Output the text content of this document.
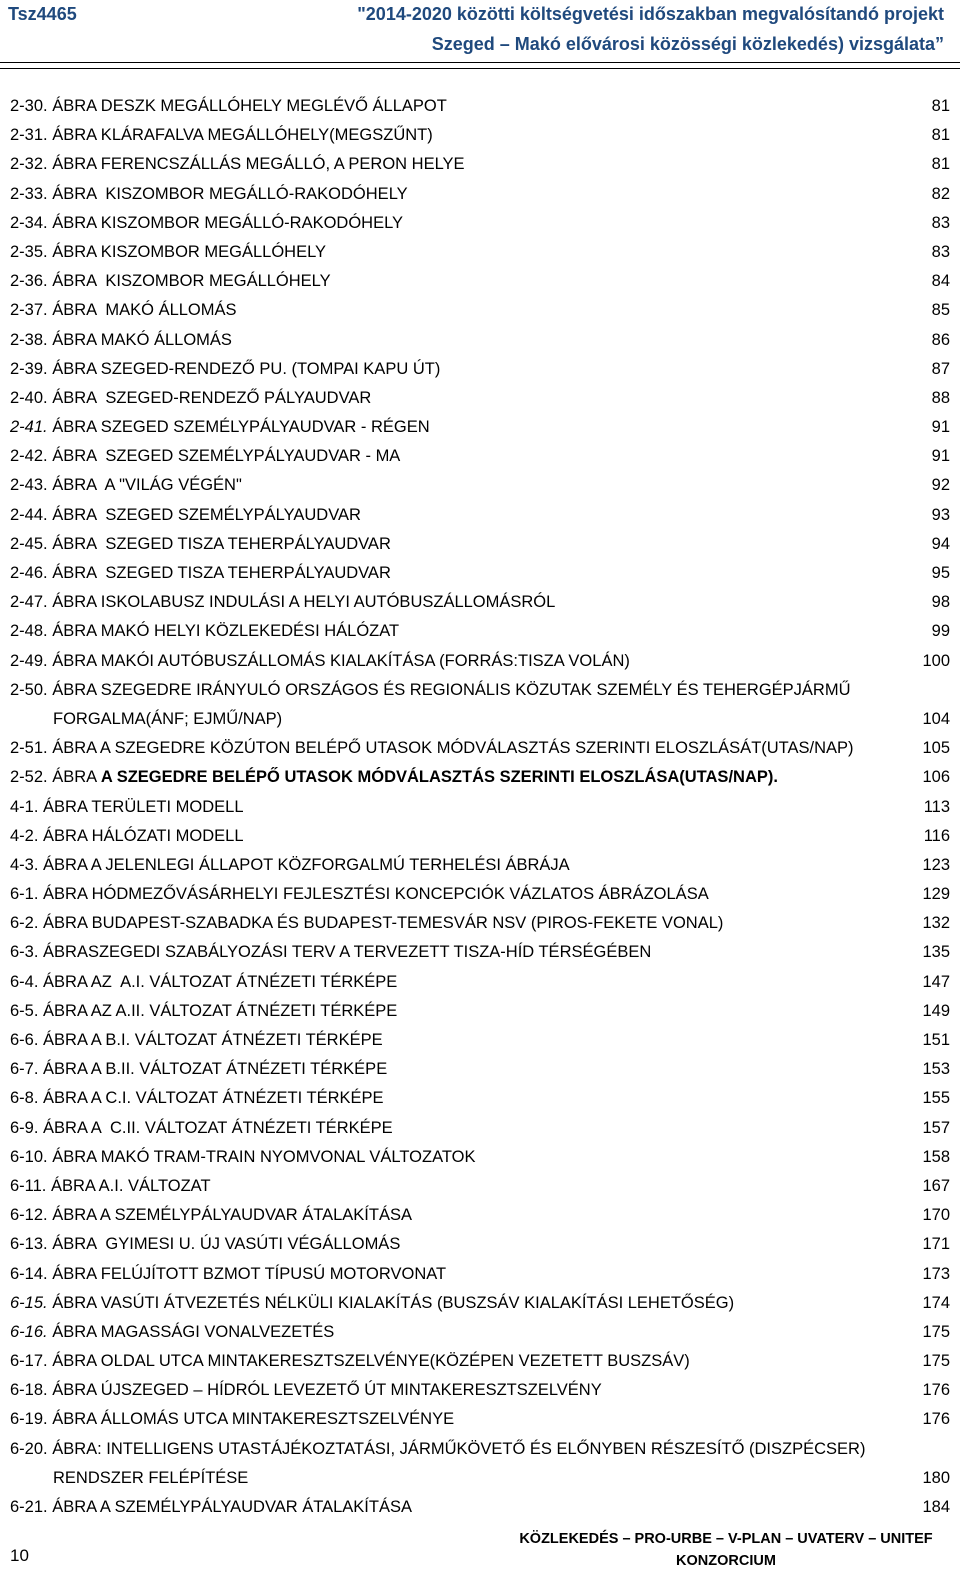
Tsz4465	"2014-2020 közötti költségvetési időszakban megvalósítandó projekt
Szeged – Makó elővárosi közösségi közlekedés) vizsgálata”
2-30. ÁBRA DESZK MEGÁLLÓHELY MEGLÉVŐ ÁLLAPOT	81
2-31. ÁBRA KLÁRAFALVA MEGÁLLÓHELY(MEGSZŰNT)	81
2-32. ÁBRA FERENCSZÁLLÁS MEGÁLLÓ, A PERON HELYE	81
2-33. ÁBRA  KISZOMBOR MEGÁLLÓ-RAKODÓHELY	82
2-34. ÁBRA KISZOMBOR MEGÁLLÓ-RAKODÓHELY	83
2-35. ÁBRA KISZOMBOR MEGÁLLÓHELY	83
2-36. ÁBRA  KISZOMBOR MEGÁLLÓHELY	84
2-37. ÁBRA  MAKÓ ÁLLOMÁS	85
2-38. ÁBRA MAKÓ ÁLLOMÁS	86
2-39. ÁBRA SZEGED-RENDEZŐ PU. (TOMPAI KAPU ÚT)	87
2-40. ÁBRA  SZEGED-RENDEZŐ PÁLYAUDVAR	88
2-41. ÁBRA SZEGED SZEMÉLYPÁLYAUDVAR - RÉGEN	91
2-42. ÁBRA  SZEGED SZEMÉLYPÁLYAUDVAR - MA	91
2-43. ÁBRA  A "VILÁG VÉGÉN"	92
2-44. ÁBRA  SZEGED SZEMÉLYPÁLYAUDVAR	93
2-45. ÁBRA  SZEGED TISZA TEHERPÁLYAUDVAR	94
2-46. ÁBRA  SZEGED TISZA TEHERPÁLYAUDVAR	95
2-47. ÁBRA ISKOLABUSZ INDULÁSI A HELYI AUTÓBUSZÁLLOMÁSRÓL	98
2-48. ÁBRA MAKÓ HELYI KÖZLEKEDÉSI HÁLÓZAT	99
2-49. ÁBRA MAKÓI AUTÓBUSZÁLLOMÁS KIALAKÍTÁSA (FORRÁS:TISZA VOLÁN)	100
2-50. ÁBRA SZEGEDRE IRÁNYULÓ ORSZÁGOS ÉS REGIONÁLIS KÖZUTAK SZEMÉLY ÉS TEHERGÉPJÁRMŰ
FORGALMA(ÁNF; EJMŰ/NAP)	104
2-51. ÁBRA A SZEGEDRE KÖZÚTON BELÉPŐ UTASOK MÓDVÁLASZTÁS SZERINTI ELOSZLÁSÁT(UTAS/NAP)	105
2-52. ÁBRA A SZEGEDRE BELÉPŐ UTASOK MÓDVÁLASZTÁS SZERINTI ELOSZLÁSA(UTAS/NAP).	106
4-1. ÁBRA TERÜLETI MODELL	113
4-2. ÁBRA HÁLÓZATI MODELL	116
4-3. ÁBRA A JELENLEGI ÁLLAPOT KÖZFORGALMÚ TERHELÉSI ÁBRÁJA	123
6-1. ÁBRA HÓDMEZŐVÁSÁRHELYI FEJLESZTÉSI KONCEPCIÓK VÁZLATOS ÁBRÁZOLÁSA	129
6-2. ÁBRA BUDAPEST-SZABADKA ÉS BUDAPEST-TEMESVÁR NSV (PIROS-FEKETE VONAL)	132
6-3. ÁBRASZEGEDI SZABÁLYOZÁSI TERV A TERVEZETT TISZA-HÍD TÉRSÉGÉBEN	135
6-4. ÁBRA AZ  A.I. VÁLTOZAT ÁTNÉZETI TÉRKÉPE	147
6-5. ÁBRA AZ A.II. VÁLTOZAT ÁTNÉZETI TÉRKÉPE	149
6-6. ÁBRA A B.I. VÁLTOZAT ÁTNÉZETI TÉRKÉPE	151
6-7. ÁBRA A B.II. VÁLTOZAT ÁTNÉZETI TÉRKÉPE	153
6-8. ÁBRA A C.I. VÁLTOZAT ÁTNÉZETI TÉRKÉPE	155
6-9. ÁBRA A  C.II. VÁLTOZAT ÁTNÉZETI TÉRKÉPE	157
6-10. ÁBRA MAKÓ TRAM-TRAIN NYOMVONAL VÁLTOZATOK	158
6-11. ÁBRA A.I. VÁLTOZAT	167
6-12. ÁBRA A SZEMÉLYPÁLYAUDVAR ÁTALAKÍTÁSA	170
6-13. ÁBRA  GYIMESI U. ÚJ VASÚTI VÉGÁLLOMÁS	171
6-14. ÁBRA FELÚJÍTOTT BZMOT TÍPUSÚ MOTORVONAT	173
6-15. ÁBRA VASÚTI ÁTVEZETÉS NÉLKÜLI KIALAKÍTÁS (BUSZSÁV KIALAKÍTÁSI LEHETŐSÉG)	174
6-16. ÁBRA MAGASSÁGI VONALVEZETÉS	175
6-17. ÁBRA OLDAL UTCA MINTAKERESZTSZELVÉNYE(KÖZÉPEN VEZETETT BUSZSÁV)	175
6-18. ÁBRA ÚJSZEGED – HÍDRÓL LEVEZETŐ ÚT MINTAKERESZTSZELVÉNY	176
6-19. ÁBRA ÁLLOMÁS UTCA MINTAKERESZTSZELVÉNYE	176
6-20. ÁBRA: INTELLIGENS UTASTÁJÉKOZTATÁSI, JÁRMŰKÖVETŐ ÉS ELŐNYBEN RÉSZESÍTŐ (DISZPÉCSER)
RENDSZER FELÉPÍTÉSE	180
6-21. ÁBRA A SZEMÉLYPÁLYAUDVAR ÁTALAKÍTÁSA	184
10
KÖZLEKEDÉS – PRO-URBE – V-PLAN – UVATERV – UNITEF
KONZORCIUM
